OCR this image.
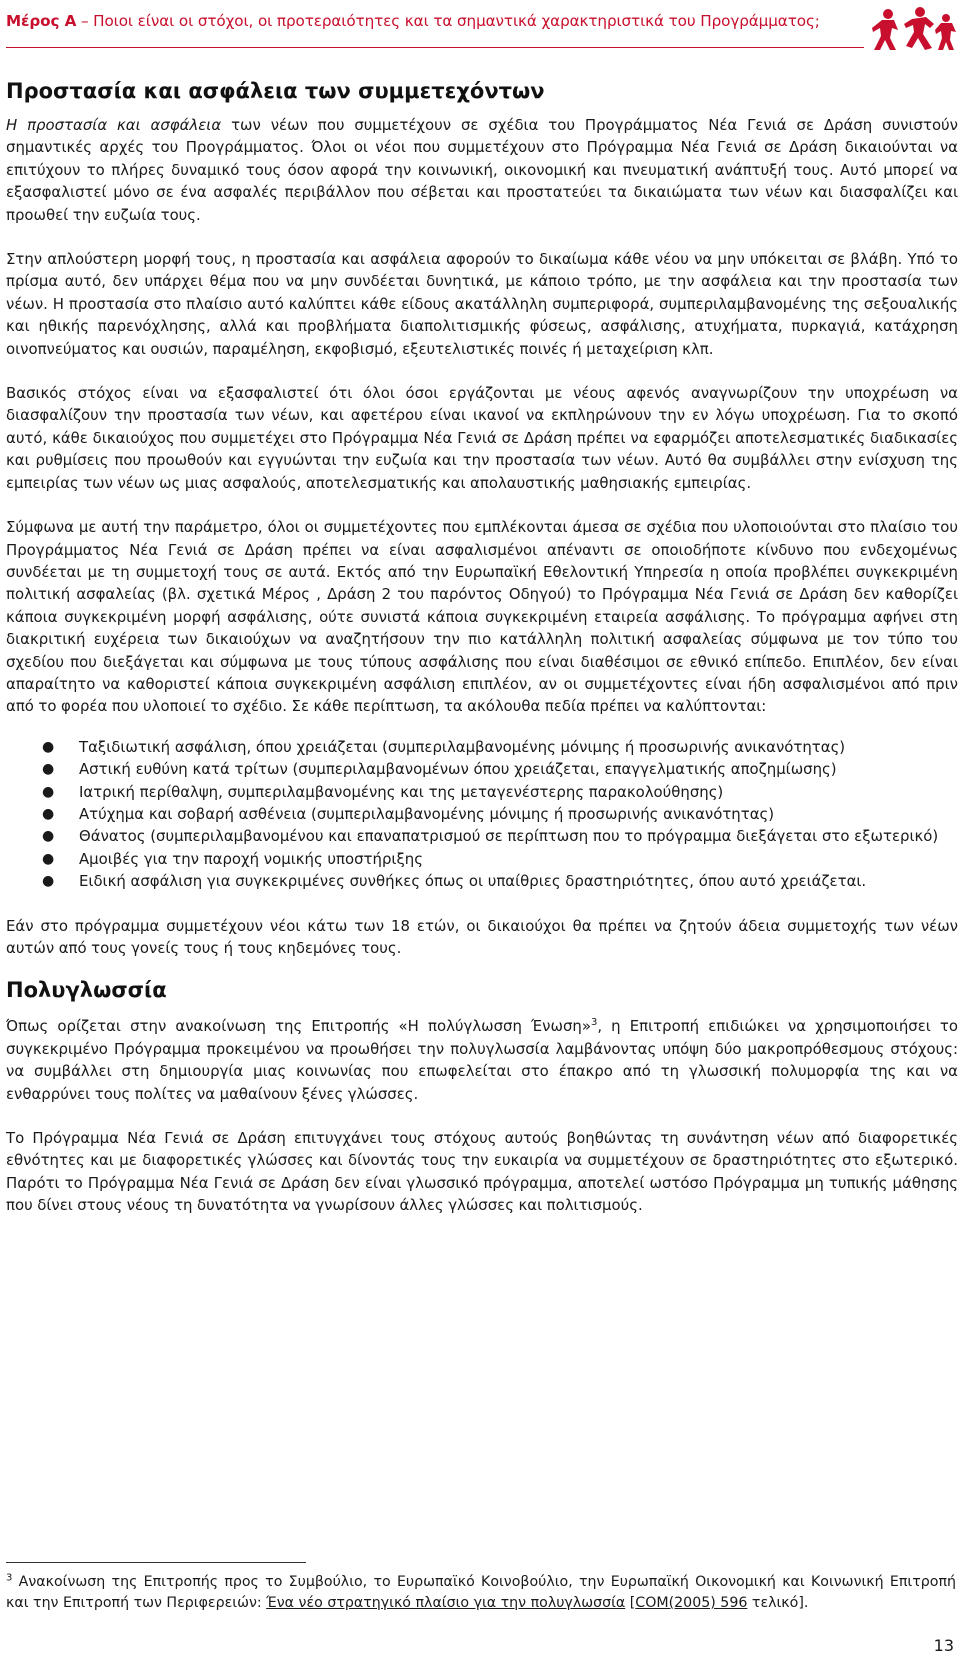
Μέρος A – Ποιοι είναι οι στόχοι, οι προτεραιότητες και τα σημαντικά χαρακτηριστικά του Προγράμματος;
Προστασία και ασφάλεια των συμμετεχόντων

Η προστασία και ασφάλεια των νέων που συμμετέχουν σε σχέδια του Προγράμματος Νέα Γενιά σε Δράση συνιστούν σημαντικές αρχές του Προγράμματος. Όλοι οι νέοι που συμμετέχουν στο Πρόγραμμα Νέα Γενιά σε Δράση δικαιούνται να επιτύχουν το πλήρες δυναμικό τους όσον αφορά την κοινωνική, οικονομική και πνευματική ανάπτυξή τους. Αυτό μπορεί να εξασφαλιστεί μόνο σε ένα ασφαλές περιβάλλον που σέβεται και προστατεύει τα δικαιώματα των νέων και διασφαλίζει και προωθεί την ευζωία τους.

Στην απλούστερη μορφή τους, η προστασία και ασφάλεια αφορούν το δικαίωμα κάθε νέου να μην υπόκειται σε βλάβη. Υπό το πρίσμα αυτό, δεν υπάρχει θέμα που να μην συνδέεται δυνητικά, με κάποιο τρόπο, με την ασφάλεια και την προστασία των νέων. Η προστασία στο πλαίσιο αυτό καλύπτει κάθε είδους ακατάλληλη συμπεριφορά, συμπεριλαμβανομένης της σεξουαλικής και ηθικής παρενόχλησης, αλλά και προβλήματα διαπολιτισμικής φύσεως, ασφάλισης, ατυχήματα, πυρκαγιά, κατάχρηση οινοπνεύματος και ουσιών, παραμέληση, εκφοβισμό, εξευτελιστικές ποινές ή μεταχείριση κλπ.

Βασικός στόχος είναι να εξασφαλιστεί ότι όλοι όσοι εργάζονται με νέους αφενός αναγνωρίζουν την υποχρέωση να διασφαλίζουν την προστασία των νέων, και αφετέρου είναι ικανοί να εκπληρώνουν την εν λόγω υποχρέωση. Για το σκοπό αυτό, κάθε δικαιούχος που συμμετέχει στο Πρόγραμμα Νέα Γενιά σε Δράση πρέπει να εφαρμόζει αποτελεσματικές διαδικασίες και ρυθμίσεις που προωθούν και εγγυώνται την ευζωία και την προστασία των νέων. Αυτό θα συμβάλλει στην ενίσχυση της εμπειρίας των νέων ως μιας ασφαλούς, αποτελεσματικής και απολαυστικής μαθησιακής εμπειρίας.

Σύμφωνα με αυτή την παράμετρο, όλοι οι συμμετέχοντες που εμπλέκονται άμεσα σε σχέδια που υλοποιούνται στο πλαίσιο του Προγράμματος Νέα Γενιά σε Δράση πρέπει να είναι ασφαλισμένοι απέναντι σε οποιοδήποτε κίνδυνο που ενδεχομένως συνδέεται με τη συμμετοχή τους σε αυτά. Εκτός από την Ευρωπαϊκή Εθελοντική Υπηρεσία η οποία προβλέπει συγκεκριμένη πολιτική ασφαλείας (βλ. σχετικά Μέρος , Δράση 2 του παρόντος Οδηγού) το Πρόγραμμα Νέα Γενιά σε Δράση δεν καθορίζει κάποια συγκεκριμένη μορφή ασφάλισης, ούτε συνιστά κάποια συγκεκριμένη εταιρεία ασφάλισης. Το πρόγραμμα αφήνει στη διακριτική ευχέρεια των δικαιούχων να αναζητήσουν την πιο κατάλληλη πολιτική ασφαλείας σύμφωνα με τον τύπο του σχεδίου που διεξάγεται και σύμφωνα με τους τύπους ασφάλισης που είναι διαθέσιμοι σε εθνικό επίπεδο. Επιπλέον, δεν είναι απαραίτητο να καθοριστεί κάποια συγκεκριμένη ασφάλιση επιπλέον, αν οι συμμετέχοντες είναι ήδη ασφαλισμένοι από πριν από το φορέα που υλοποιεί το σχέδιο. Σε κάθε περίπτωση, τα ακόλουθα πεδία πρέπει να καλύπτονται:

● Ταξιδιωτική ασφάλιση, όπου χρειάζεται (συμπεριλαμβανομένης μόνιμης ή προσωρινής ανικανότητας)
● Αστική ευθύνη κατά τρίτων (συμπεριλαμβανομένων όπου χρειάζεται, επαγγελματικής αποζημίωσης)
● Ιατρική περίθαλψη, συμπεριλαμβανομένης και της μεταγενέστερης παρακολούθησης)
● Ατύχημα και σοβαρή ασθένεια (συμπεριλαμβανομένης μόνιμης ή προσωρινής ανικανότητας)
● Θάνατος (συμπεριλαμβανομένου και επαναπατρισμού σε περίπτωση που το πρόγραμμα διεξάγεται στο εξωτερικό)
● Αμοιβές για την παροχή νομικής υποστήριξης
● Ειδική ασφάλιση για συγκεκριμένες συνθήκες όπως οι υπαίθριες δραστηριότητες, όπου αυτό χρειάζεται.

Εάν στο πρόγραμμα συμμετέχουν νέοι κάτω των 18 ετών, οι δικαιούχοι θα πρέπει να ζητούν άδεια συμμετοχής των νέων αυτών από τους γονείς τους ή τους κηδεμόνες τους.

Πολυγλωσσία

Όπως ορίζεται στην ανακοίνωση της Επιτροπής «Η πολύγλωσση Ένωση»$^3$, η Επιτροπή επιδιώκει να χρησιμοποιήσει το συγκεκριμένο Πρόγραμμα προκειμένου να προωθήσει την πολυγλωσσία λαμβάνοντας υπόψη δύο μακροπρόθεσμους στόχους: να συμβάλλει στη δημιουργία μιας κοινωνίας που επωφελείται στο έπακρο από τη γλωσσική πολυμορφία της και να ενθαρρύνει τους πολίτες να μαθαίνουν ξένες γλώσσες.

Το Πρόγραμμα Νέα Γενιά σε Δράση επιτυγχάνει τους στόχους αυτούς βοηθώντας τη συνάντηση νέων από διαφορετικές εθνότητες και με διαφορετικές γλώσσες και δίνοντάς τους την ευκαιρία να συμμετέχουν σε δραστηριότητες στο εξωτερικό. Παρότι το Πρόγραμμα Νέα Γενιά σε Δράση δεν είναι γλωσσικό πρόγραμμα, αποτελεί ωστόσο Πρόγραμμα μη τυπικής μάθησης που δίνει στους νέους τη δυνατότητα να γνωρίσουν άλλες γλώσσες και πολιτισμούς.

$^3$ Ανακοίνωση της Επιτροπής προς το Συμβούλιο, το Ευρωπαϊκό Κοινοβούλιο, την Ευρωπαϊκή Οικονομική και Κοινωνική Επιτροπή και την Επιτροπή των Περιφερειών: Ένα νέο στρατηγικό πλαίσιο για την πολυγλωσσία [COM(2005) 596 τελικό].
13
